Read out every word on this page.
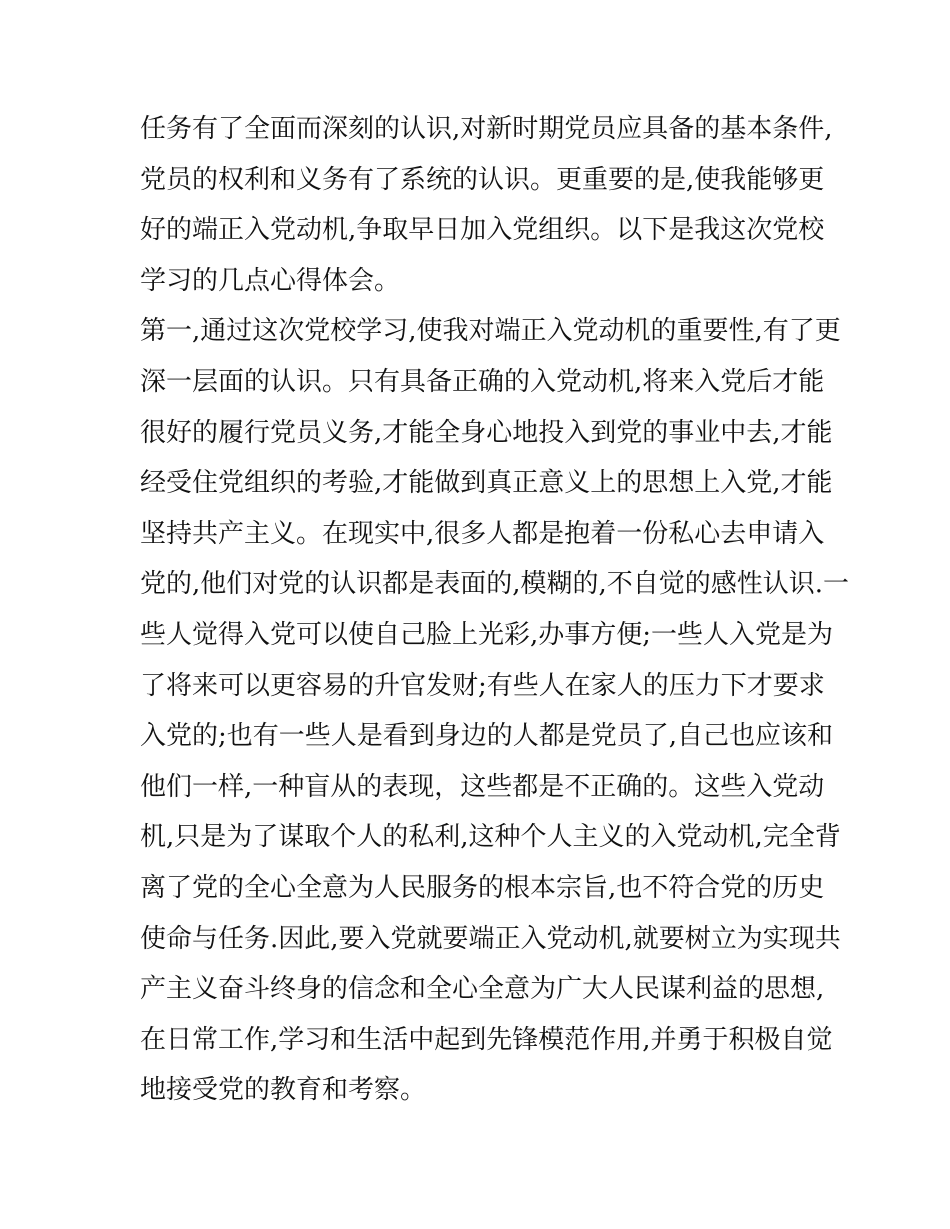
任务有了全面而深刻的认识,对新时期党员应具备的基本条件,
党员的权利和义务有了系统的认识。更重要的是,使我能够更
好的端正入党动机,争取早日加入党组织。以下是我这次党校
学习的几点心得体会。
第一,通过这次党校学习,使我对端正入党动机的重要性,有了更
深一层面的认识。只有具备正确的入党动机,将来入党后才能
很好的履行党员义务,才能全身心地投入到党的事业中去,才能
经受住党组织的考验,才能做到真正意义上的思想上入党,才能
坚持共产主义。在现实中,很多人都是抱着一份私心去申请入
党的,他们对党的认识都是表面的,模糊的,不自觉的感性认识.一
些人觉得入党可以使自己脸上光彩,办事方便;一些人入党是为
了将来可以更容易的升官发财;有些人在家人的压力下才要求
入党的;也有一些人是看到身边的人都是党员了,自己也应该和
他们一样,一种盲从的表现，这些都是不正确的。这些入党动
机,只是为了谋取个人的私利,这种个人主义的入党动机,完全背
离了党的全心全意为人民服务的根本宗旨,也不符合党的历史
使命与任务.因此,要入党就要端正入党动机,就要树立为实现共
产主义奋斗终身的信念和全心全意为广大人民谋利益的思想,
在日常工作,学习和生活中起到先锋模范作用,并勇于积极自觉
地接受党的教育和考察。
